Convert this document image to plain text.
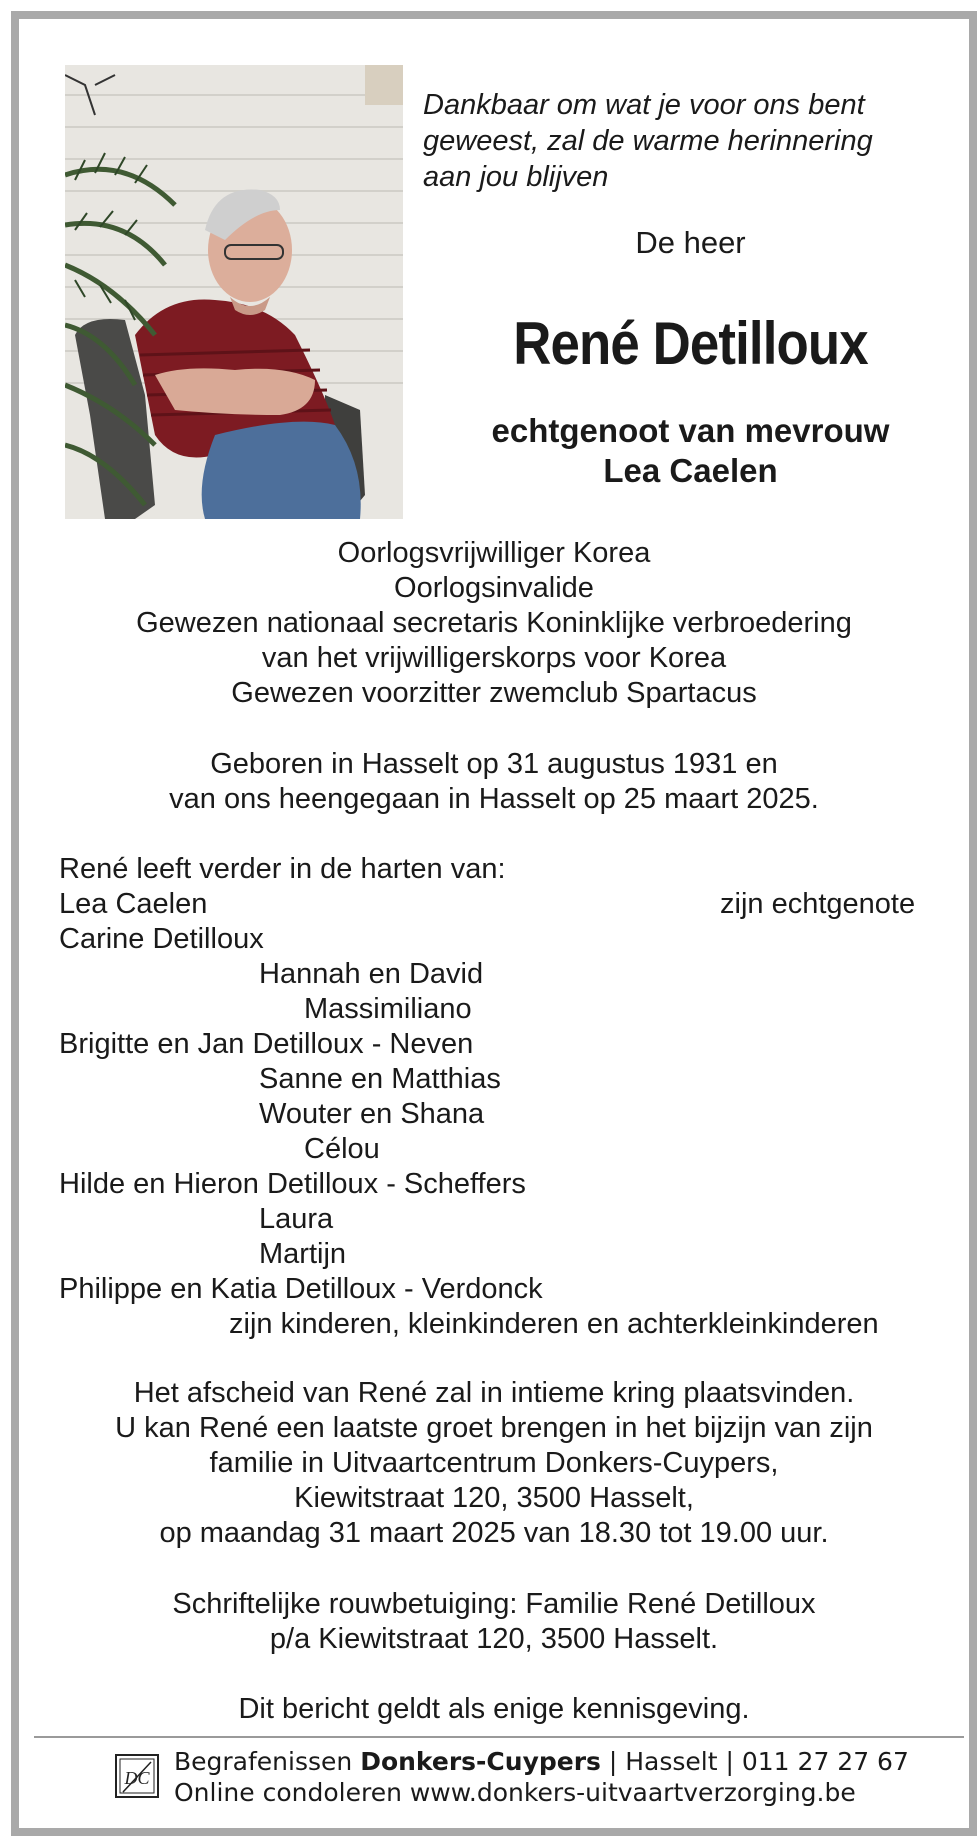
Dankbaar om wat je voor ons bent
geweest, zal de warme herinnering
aan jou blijven
De heer
René Detilloux
echtgenoot van mevrouw
Lea Caelen
Oorlogsvrijwilliger Korea
Oorlogsinvalide
Gewezen nationaal secretaris Koninklijke verbroedering
van het vrijwilligerskorps voor Korea
Gewezen voorzitter zwemclub Spartacus
Geboren in Hasselt op 31 augustus 1931 en
van ons heengegaan in Hasselt op 25 maart 2025.
René leeft verder in de harten van:
Lea Caelen	zijn echtgenote
Carine Detilloux
Hannah en David
Massimiliano
Brigitte en Jan Detilloux - Neven
Sanne en Matthias
Wouter en Shana
Célou
Hilde en Hieron Detilloux - Scheffers
Laura
Martijn
Philippe en Katia Detilloux - Verdonck
zijn kinderen, kleinkinderen en achterkleinkinderen
Het afscheid van René zal in intieme kring plaatsvinden.
U kan René een laatste groet brengen in het bijzijn van zijn
familie in Uitvaartcentrum Donkers-Cuypers,
Kiewitstraat 120, 3500 Hasselt,
op maandag 31 maart 2025 van 18.30 tot 19.00 uur.
Schriftelijke rouwbetuiging: Familie René Detilloux
p/a Kiewitstraat 120, 3500 Hasselt.
Dit bericht geldt als enige kennisgeving.
DC
Begrafenissen Donkers-Cuypers | Hasselt | 011 27 27 67
Online condoleren www.donkers-uitvaartverzorging.be
